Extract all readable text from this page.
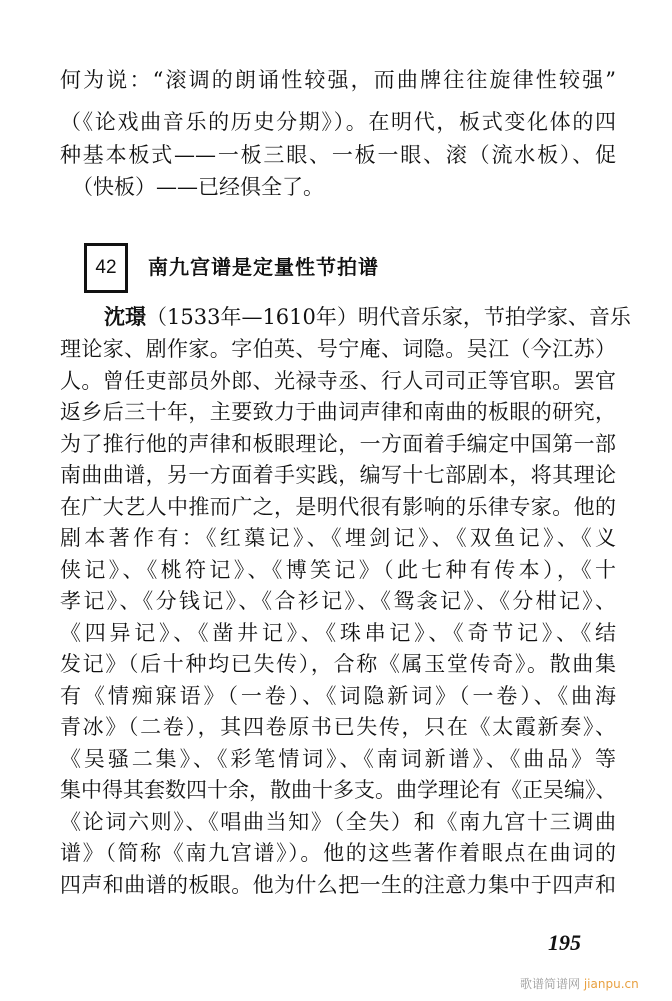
何为说：“滚调的朗诵性较强，而曲牌往往旋律性较强”
（《论戏曲音乐的历史分期》）。在明代，板式变化体的四
种基本板式——一板三眼、一板一眼、滚（流水板）、促
（快板）——已经俱全了。
42	南九宫谱是定量性节拍谱
沈璟（1533年—1610年）明代音乐家，节拍学家、音乐
理论家、剧作家。字伯英、号宁庵、词隐。吴江（今江苏）
人。曾任吏部员外郎、光禄寺丞、行人司司正等官职。罢官
返乡后三十年，主要致力于曲词声律和南曲的板眼的研究，
为了推行他的声律和板眼理论，一方面着手编定中国第一部
南曲曲谱，另一方面着手实践，编写十七部剧本，将其理论
在广大艺人中推而广之，是明代很有影响的乐律专家。他的
剧本著作有：《红蕖记》、《埋剑记》、《双鱼记》、《义
侠记》、《桃符记》、《博笑记》（此七种有传本），《十
孝记》、《分钱记》、《合衫记》、《鸳衾记》、《分柑记》、
《四异记》、《凿井记》、《珠串记》、《奇节记》、《结
发记》（后十种均已失传），合称《属玉堂传奇》。散曲集
有《情痴寐语》（一卷）、《词隐新词》（一卷）、《曲海
青冰》（二卷），其四卷原书已失传，只在《太霞新奏》、
《吴骚二集》、《彩笔情词》、《南词新谱》、《曲品》等
集中得其套数四十余，散曲十多支。曲学理论有《正吴编》、
《论词六则》、《唱曲当知》（全失）和《南九宫十三调曲
谱》（简称《南九宫谱》）。他的这些著作着眼点在曲词的
四声和曲谱的板眼。他为什么把一生的注意力集中于四声和
195
歌谱简谱网 jianpu.cn
